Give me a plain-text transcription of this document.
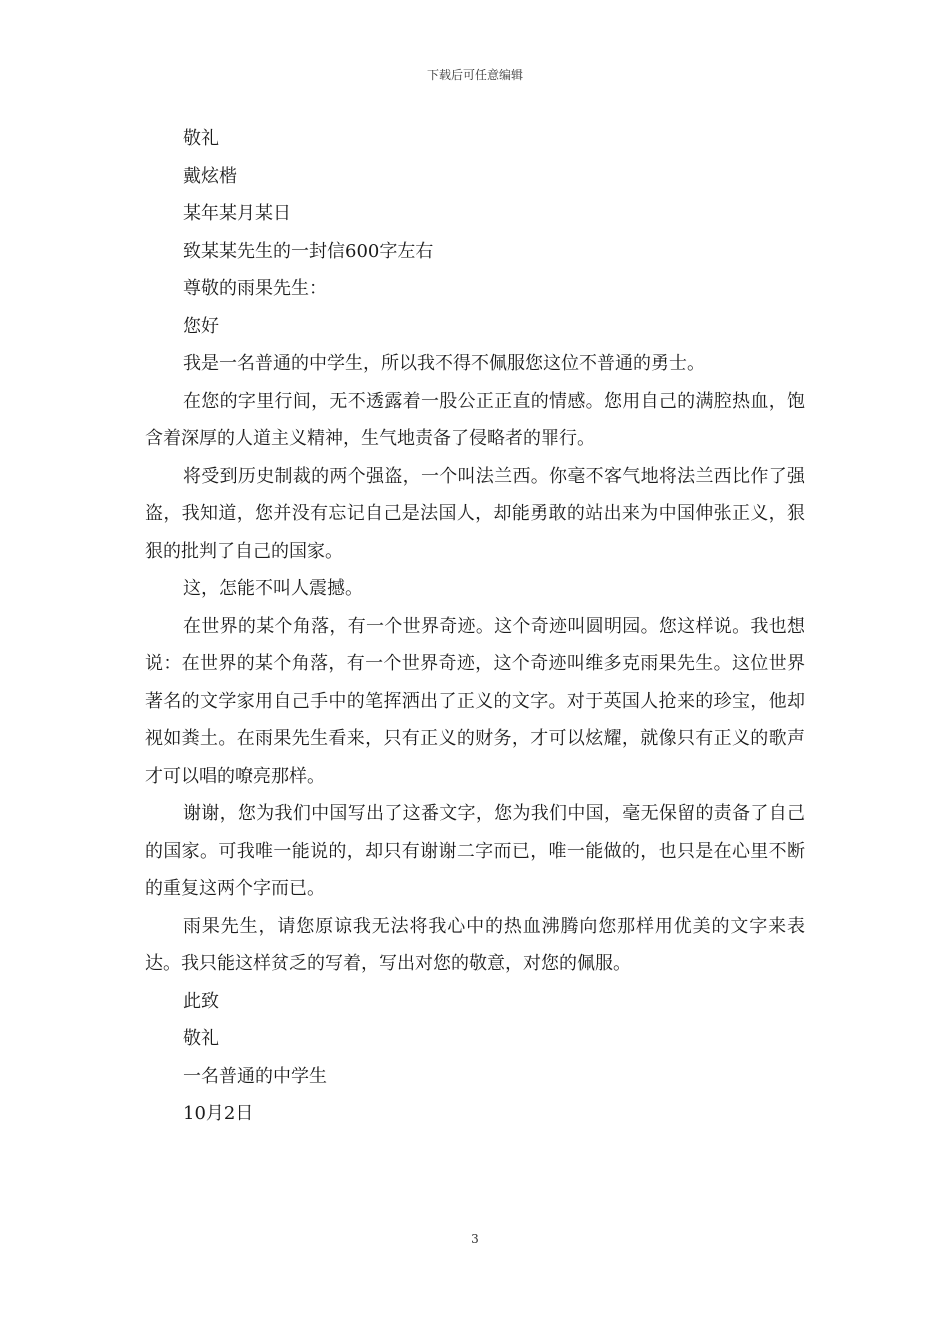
下载后可任意编辑
敬礼
戴炫楷
某年某月某日
致某某先生的一封信600字左右
尊敬的雨果先生：
您好
我是一名普通的中学生，所以我不得不佩服您这位不普通的勇士。
在您的字里行间，无不透露着一股公正正直的情感。您用自己的满腔热血，饱含着深厚的人道主义精神，生气地责备了侵略者的罪行。
将受到历史制裁的两个强盗，一个叫法兰西。你毫不客气地将法兰西比作了强盗，我知道，您并没有忘记自己是法国人，却能勇敢的站出来为中国伸张正义，狠狠的批判了自己的国家。
这，怎能不叫人震撼。
在世界的某个角落，有一个世界奇迹。这个奇迹叫圆明园。您这样说。我也想说：在世界的某个角落，有一个世界奇迹，这个奇迹叫维多克雨果先生。这位世界著名的文学家用自己手中的笔挥洒出了正义的文字。对于英国人抢来的珍宝，他却视如粪土。在雨果先生看来，只有正义的财务，才可以炫耀，就像只有正义的歌声才可以唱的嘹亮那样。
谢谢，您为我们中国写出了这番文字，您为我们中国，毫无保留的责备了自己的国家。可我唯一能说的，却只有谢谢二字而已，唯一能做的，也只是在心里不断的重复这两个字而已。
雨果先生，请您原谅我无法将我心中的热血沸腾向您那样用优美的文字来表达。我只能这样贫乏的写着，写出对您的敬意，对您的佩服。
此致
敬礼
一名普通的中学生
10月2日
3
